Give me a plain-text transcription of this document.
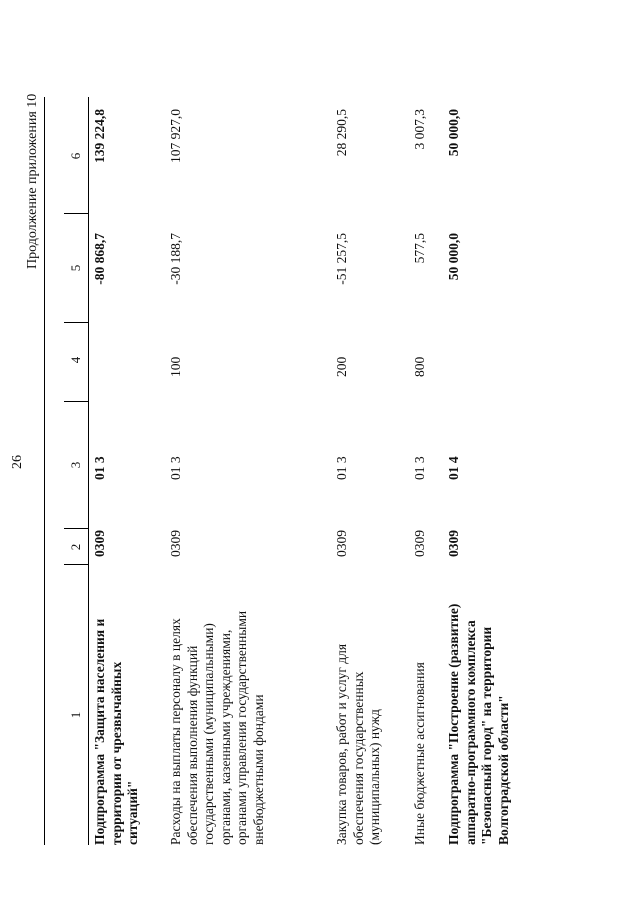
26
Продолжение приложения 10
1
2
3
4
5
6
Подпрограмма "Защита населения и территории от чрезвычайных ситуаций"
0309
01 3
-80 868,7
139 224,8
Расходы на выплаты персоналу в целях обеспечения выполнения функций государственными (муниципальными) органами, казенными учреждениями, органами управления государственными внебюджетными фондами
0309
01 3
100
-30 188,7
107 927,0
Закупка товаров, работ и услуг для обеспечения государственных (муниципальных) нужд
0309
01 3
200
-51 257,5
28 290,5
Иные бюджетные ассигнования
0309
01 3
800
577,5
3 007,3
Подпрограмма "Построение (развитие) аппаратно-программного комплекса "Безопасный город" на территории Волгоградской области"
0309
01 4
50 000,0
50 000,0
